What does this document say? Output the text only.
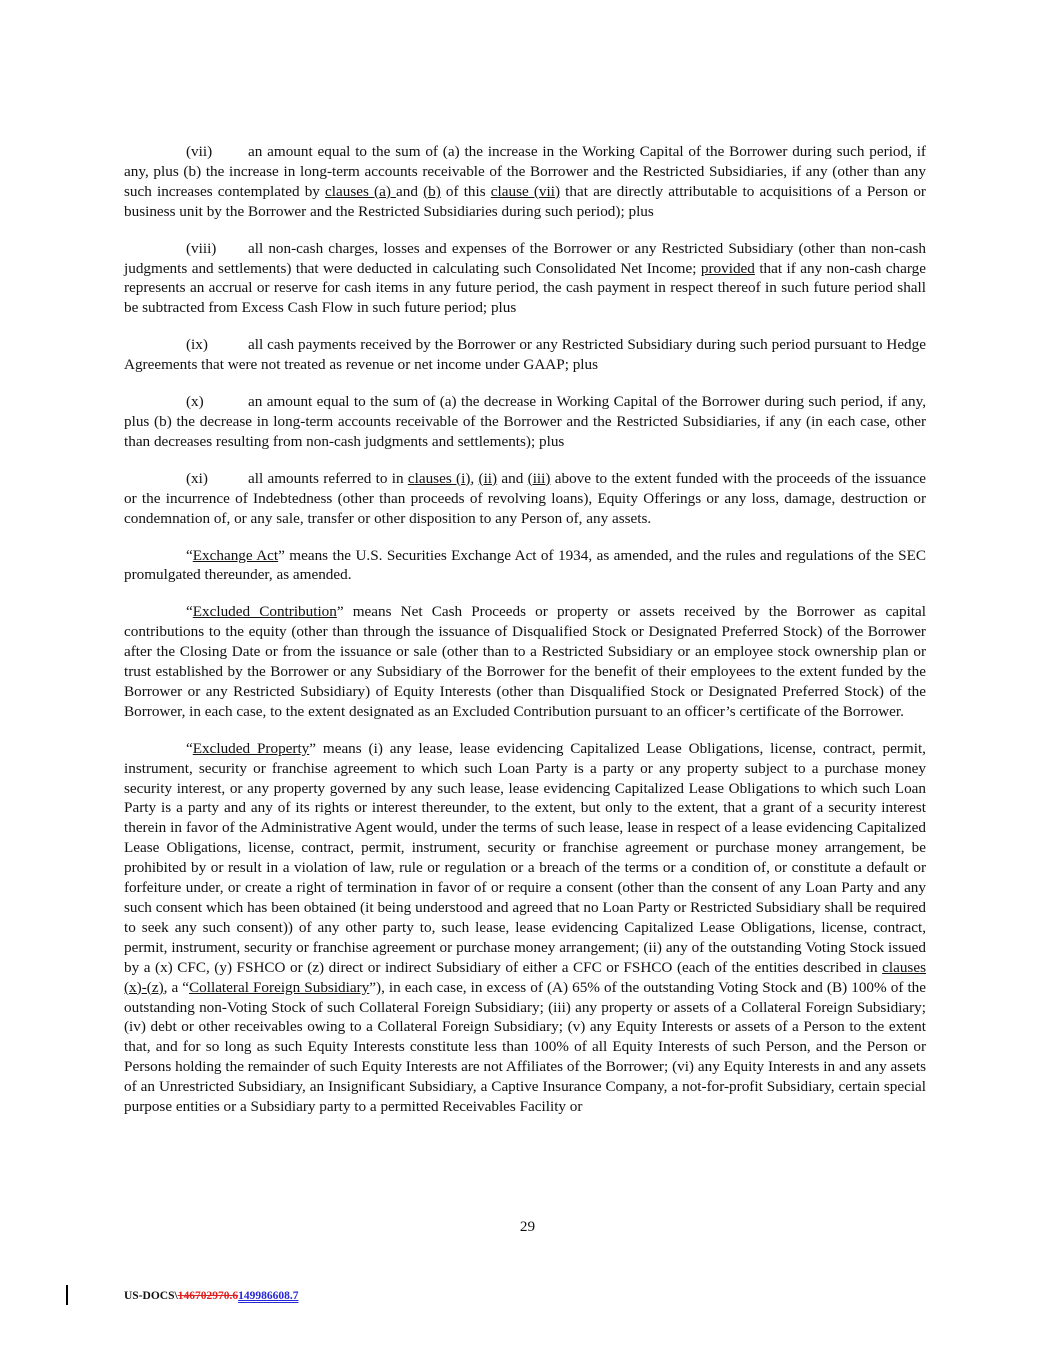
(vii) an amount equal to the sum of (a) the increase in the Working Capital of the Borrower during such period, if any, plus (b) the increase in long-term accounts receivable of the Borrower and the Restricted Subsidiaries, if any (other than any such increases contemplated by clauses (a) and (b) of this clause (vii) that are directly attributable to acquisitions of a Person or business unit by the Borrower and the Restricted Subsidiaries during such period); plus

(viii) all non-cash charges, losses and expenses of the Borrower or any Restricted Subsidiary (other than non-cash judgments and settlements) that were deducted in calculating such Consolidated Net Income; provided that if any non-cash charge represents an accrual or reserve for cash items in any future period, the cash payment in respect thereof in such future period shall be subtracted from Excess Cash Flow in such future period; plus

(ix)	all cash payments received by the Borrower or any Restricted Subsidiary during such period pursuant to Hedge Agreements that were not treated as revenue or net income under GAAP; plus

(x)	an amount equal to the sum of (a) the decrease in Working Capital of the Borrower during such period, if any, plus (b) the decrease in long-term accounts receivable of the Borrower and the Restricted Subsidiaries, if any (in each case, other than decreases resulting from non-cash judgments and settlements); plus

(xi)	all amounts referred to in clauses (i), (ii) and (iii) above to the extent funded with the proceeds of the issuance or the incurrence of Indebtedness (other than proceeds of revolving loans), Equity Offerings or any loss, damage, destruction or condemnation of, or any sale, transfer or other disposition to any Person of, any assets.

“Exchange Act” means the U.S. Securities Exchange Act of 1934, as amended, and the rules and regulations of the SEC promulgated thereunder, as amended.

“Excluded Contribution” means Net Cash Proceeds or property or assets received by the Borrower as capital contributions to the equity (other than through the issuance of Disqualified Stock or Designated Preferred Stock) of the Borrower after the Closing Date or from the issuance or sale (other than to a Restricted Subsidiary or an employee stock ownership plan or trust established by the Borrower or any Subsidiary of the Borrower for the benefit of their employees to the extent funded by the Borrower or any Restricted Subsidiary) of Equity Interests (other than Disqualified Stock or Designated Preferred Stock) of the Borrower, in each case, to the extent designated as an Excluded Contribution pursuant to an officer’s certificate of the Borrower.

“Excluded Property” means (i) any lease, lease evidencing Capitalized Lease Obligations, license, contract, permit, instrument, security or franchise agreement to which such Loan Party is a party or any property subject to a purchase money security interest, or any property governed by any such lease, lease evidencing Capitalized Lease Obligations to which such Loan Party is a party and any of its rights or interest thereunder, to the extent, but only to the extent, that a grant of a security interest therein in favor of the Administrative Agent would, under the terms of such lease, lease in respect of a lease evidencing Capitalized Lease Obligations, license, contract, permit, instrument, security or franchise agreement or purchase money arrangement, be prohibited by or result in a violation of law, rule or regulation or a breach of the terms or a condition of, or constitute a default or forfeiture under, or create a right of termination in favor of or require a consent (other than the consent of any Loan Party and any such consent which has been obtained (it being understood and agreed that no Loan Party or Restricted Subsidiary shall be required to seek any such consent)) of any other party to, such lease, lease evidencing Capitalized Lease Obligations, license, contract, permit, instrument, security or franchise agreement or purchase money arrangement; (ii) any of the outstanding Voting Stock issued by a (x) CFC, (y) FSHCO or (z) direct or indirect Subsidiary of either a CFC or FSHCO (each of the entities described in clauses (x)-(z), a “Collateral Foreign Subsidiary”), in each case, in excess of (A) 65% of the outstanding Voting Stock and (B) 100% of the outstanding non-Voting Stock of such Collateral Foreign Subsidiary; (iii) any property or assets of a Collateral Foreign Subsidiary; (iv) debt or other receivables owing to a Collateral Foreign Subsidiary; (v) any Equity Interests or assets of a Person to the extent that, and for so long as such Equity Interests constitute less than 100% of all Equity Interests of such Person, and the Person or Persons holding the remainder of such Equity Interests are not Affiliates of the Borrower; (vi) any Equity Interests in and any assets of an Unrestricted Subsidiary, an Insignificant Subsidiary, a Captive Insurance Company, a not-for-profit Subsidiary, certain special purpose entities or a Subsidiary party to a permitted Receivables Facility or

29
US-DOCS\146702970.6149986608.7
